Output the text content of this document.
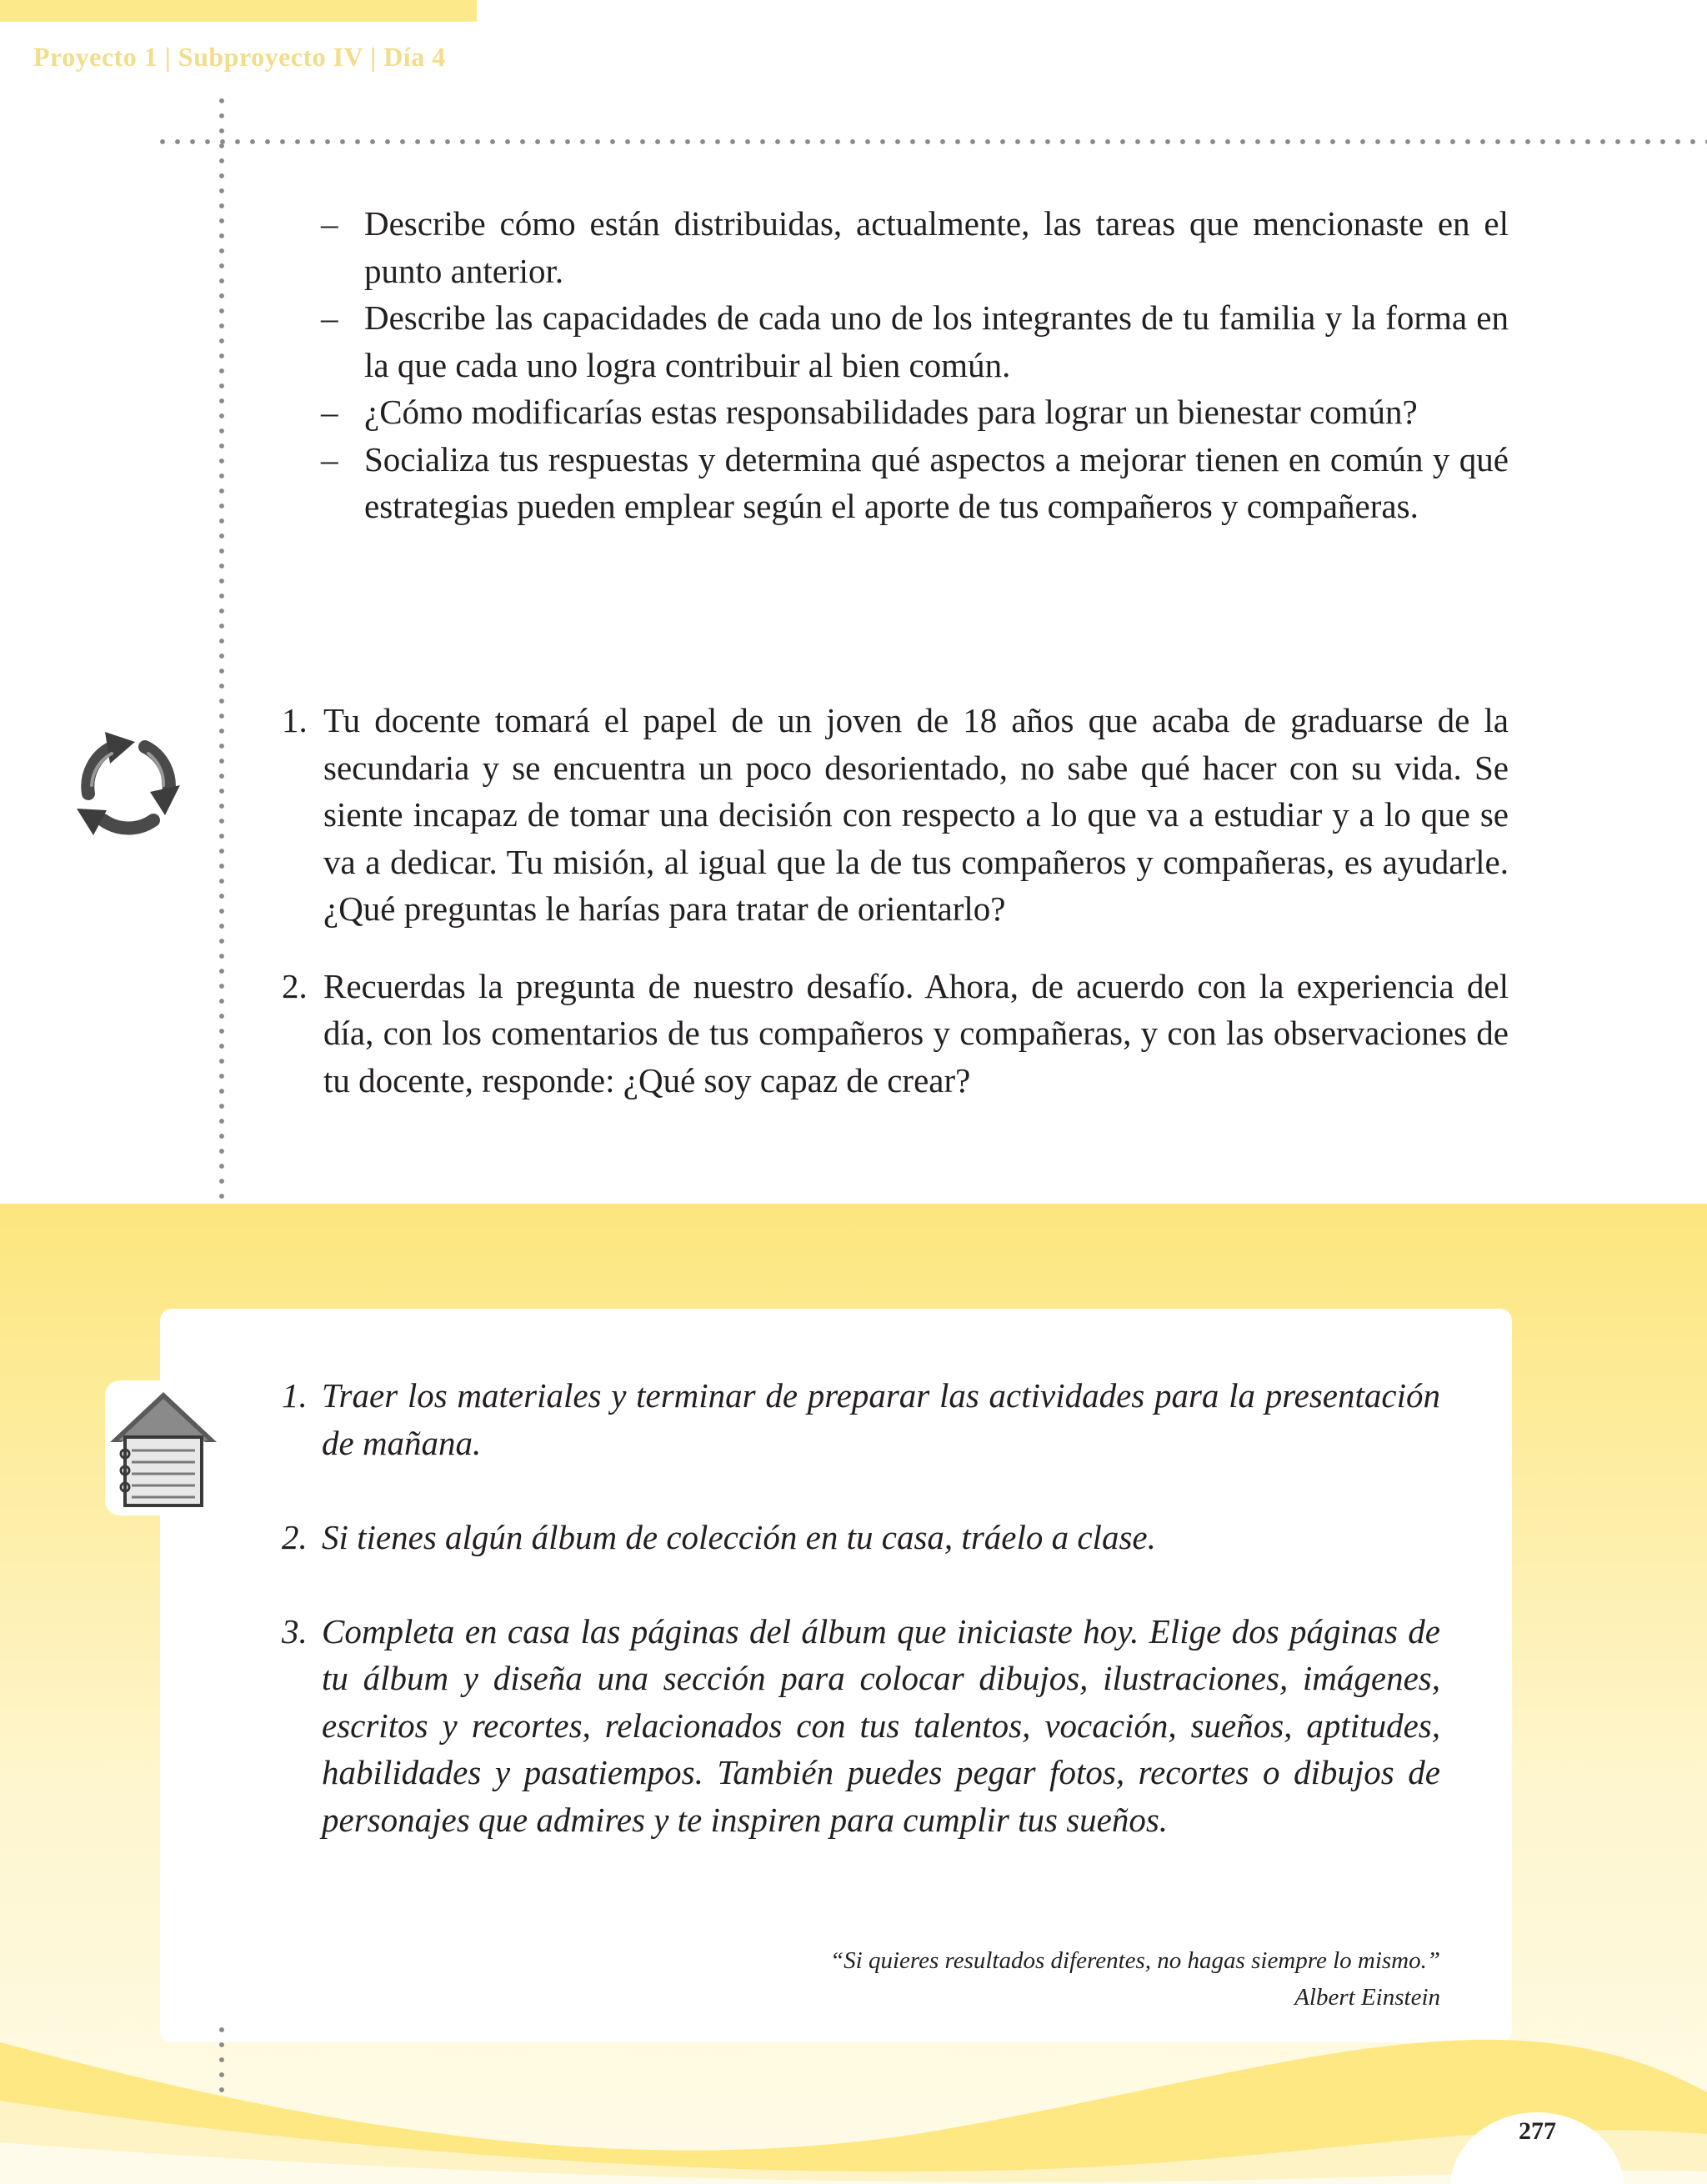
Proyecto 1 | Subproyecto IV | Día 4
– Describe cómo están distribuidas, actualmente, las tareas que mencionaste en el punto anterior.
– Describe las capacidades de cada uno de los integrantes de tu familia y la forma en la que cada uno logra contribuir al bien común.
– ¿Cómo modificarías estas responsabilidades para lograr un bienestar común?
– Socializa tus respuestas y determina qué aspectos a mejorar tienen en común y qué estrategias pueden emplear según el aporte de tus compañeros y compañeras.
1. Tu docente tomará el papel de un joven de 18 años que acaba de graduarse de la secundaria y se encuentra un poco desorientado, no sabe qué hacer con su vida. Se siente incapaz de tomar una decisión con respecto a lo que va a estudiar y a lo que se va a dedicar. Tu misión, al igual que la de tus compañeros y compañeras, es ayudarle. ¿Qué preguntas le harías para tratar de orientarlo?
2. Recuerdas la pregunta de nuestro desafío. Ahora, de acuerdo con la experiencia del día, con los comentarios de tus compañeros y compañeras, y con las observaciones de tu docente, responde: ¿Qué soy capaz de crear?
1. Traer los materiales y terminar de preparar las actividades para la presentación de mañana.
2. Si tienes algún álbum de colección en tu casa, tráelo a clase.
3. Completa en casa las páginas del álbum que iniciaste hoy. Elige dos páginas de tu álbum y diseña una sección para colocar dibujos, ilustraciones, imágenes, escritos y recortes, relacionados con tus talentos, vocación, sueños, aptitudes, habilidades y pasatiempos. También puedes pegar fotos, recortes o dibujos de personajes que admires y te inspiren para cumplir tus sueños.
“Si quieres resultados diferentes, no hagas siempre lo mismo.”
Albert Einstein
277
